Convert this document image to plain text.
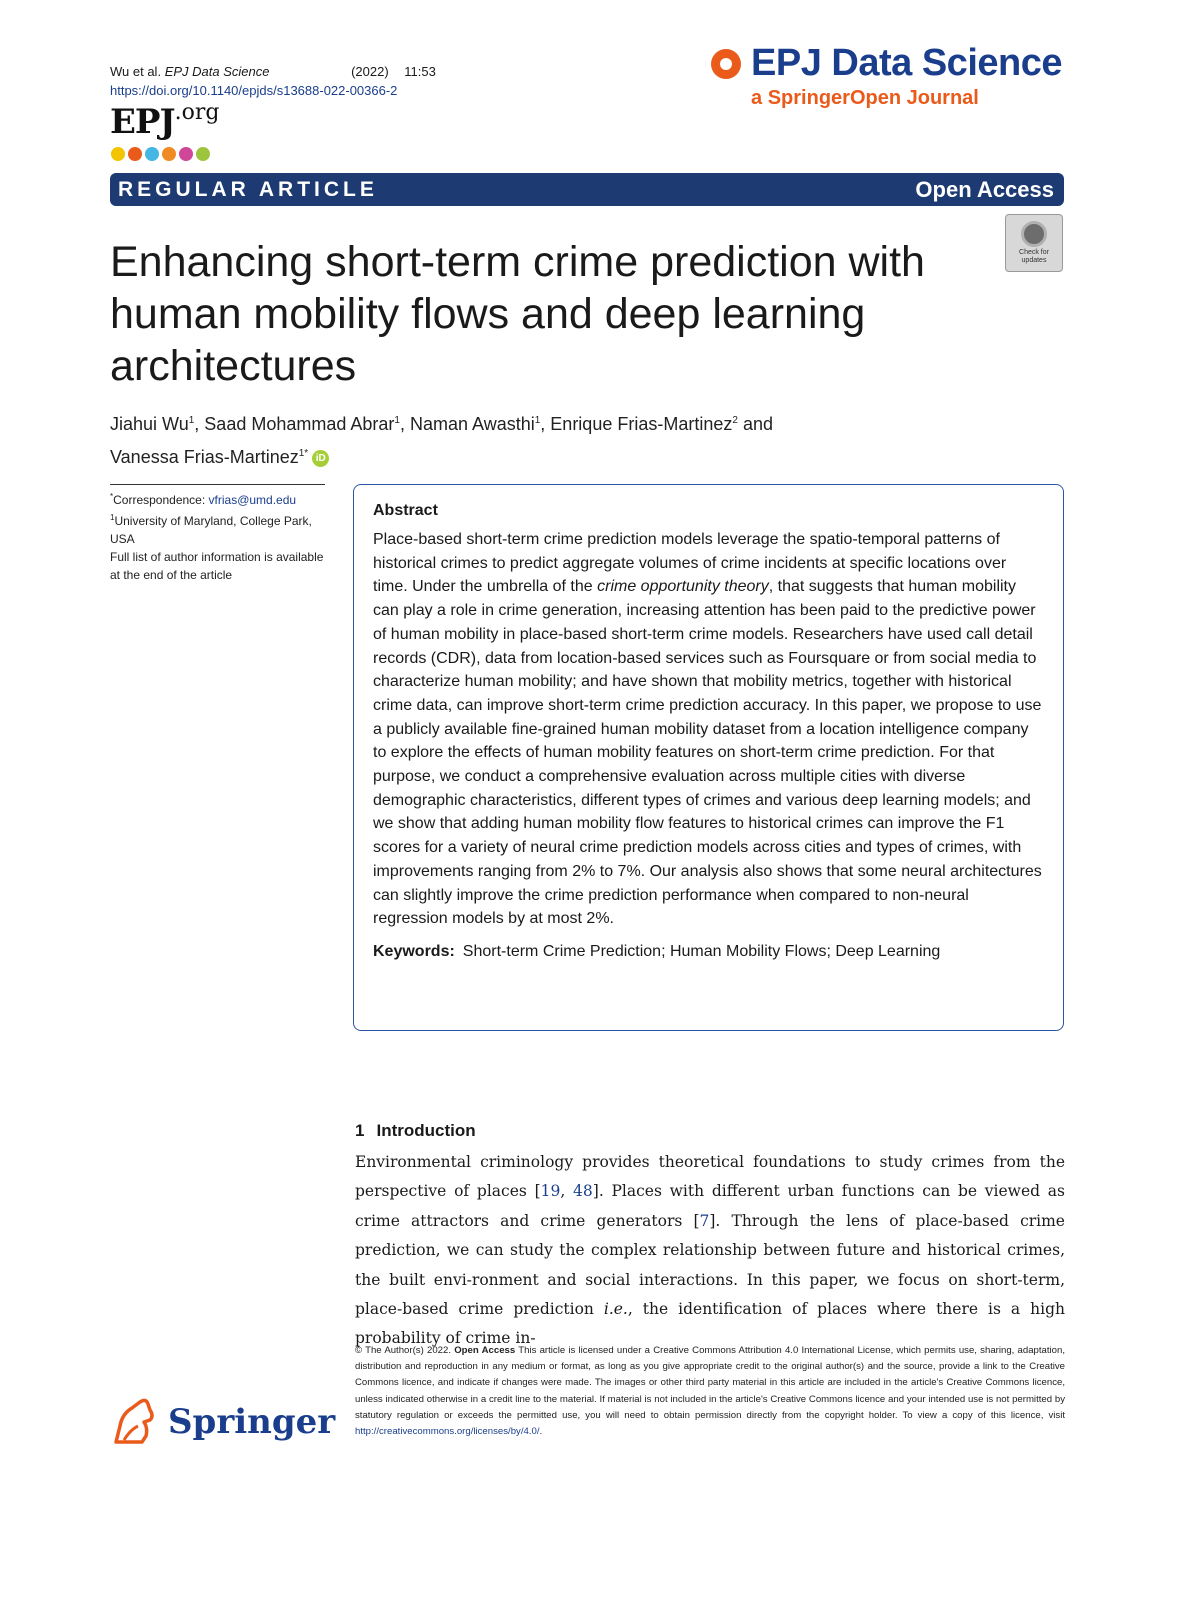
Wu et al. EPJ Data Science	(2022) 11:53
https://doi.org/10.1140/epjds/s13688-022-00366-2
EPJ.org
EPJ Data Science
a SpringerOpen Journal
REGULAR ARTICLE	Open Access
Enhancing short-term crime prediction with human mobility flows and deep learning architectures
Check for
updates
Jiahui Wu$^1$, Saad Mohammad Abrar$^1$, Naman Awasthi$^1$, Enrique Frias-Martinez$^2$ and
Vanessa Frias-Martinez$^{1*}$ iD
*Correspondence: vfrias@umd.edu
$^1$University of Maryland, College Park, USA
Full list of author information is available at the end of the article
Abstract

Place-based short-term crime prediction models leverage the spatio-temporal patterns of historical crimes to predict aggregate volumes of crime incidents at specific locations over time. Under the umbrella of the crime opportunity theory, that suggests that human mobility can play a role in crime generation, increasing attention has been paid to the predictive power of human mobility in place-based short-term crime models. Researchers have used call detail records (CDR), data from location-based services such as Foursquare or from social media to characterize human mobility; and have shown that mobility metrics, together with historical crime data, can improve short-term crime prediction accuracy. In this paper, we propose to use a publicly available fine-grained human mobility dataset from a location intelligence company to explore the effects of human mobility features on short-term crime prediction. For that purpose, we conduct a comprehensive evaluation across multiple cities with diverse demographic characteristics, different types of crimes and various deep learning models; and we show that adding human mobility flow features to historical crimes can improve the F1 scores for a variety of neural crime prediction models across cities and types of crimes, with improvements ranging from 2% to 7%. Our analysis also shows that some neural architectures can slightly improve the crime prediction performance when compared to non-neural regression models by at most 2%.

Keywords: Short-term Crime Prediction; Human Mobility Flows; Deep Learning
1 Introduction

Environmental criminology provides theoretical foundations to study crimes from the perspective of places [19, 48]. Places with different urban functions can be viewed as crime attractors and crime generators [7]. Through the lens of place-based crime prediction, we can study the complex relationship between future and historical crimes, the built envi-ronment and social interactions. In this paper, we focus on short-term, place-based crime prediction i.e., the identification of places where there is a high probability of crime in-

© The Author(s) 2022. Open Access This article is licensed under a Creative Commons Attribution 4.0 International License, which permits use, sharing, adaptation, distribution and reproduction in any medium or format, as long as you give appropriate credit to the original author(s) and the source, provide a link to the Creative Commons licence, and indicate if changes were made. The images or other third party material in this article are included in the article's Creative Commons licence, unless indicated otherwise in a credit line to the material. If material is not included in the article's Creative Commons licence and your intended use is not permitted by statutory regulation or exceeds the permitted use, you will need to obtain permission directly from the copyright holder. To view a copy of this licence, visit http://creativecommons.org/licenses/by/4.0/.

Springer
